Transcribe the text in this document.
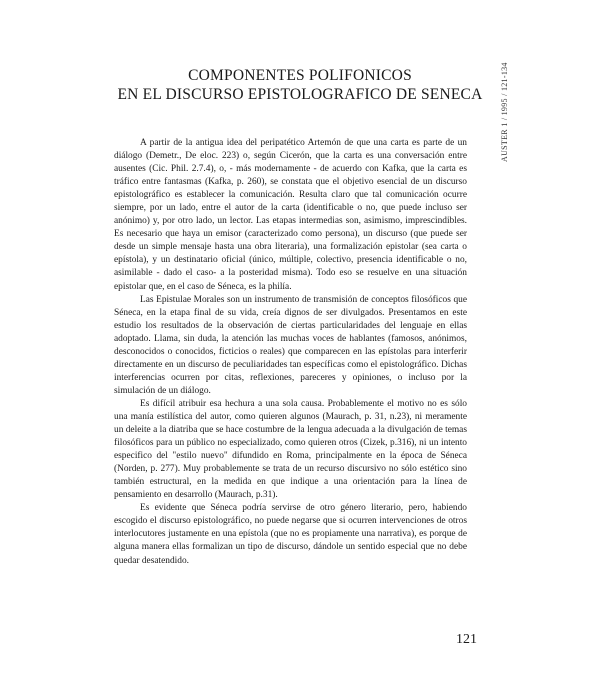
COMPONENTES POLIFONICOS
EN EL DISCURSO EPISTOLOGRAFICO DE SENECA	AUSTER 1 / 1995 / 121-134

A partir de la antigua idea del peripatético Artemón de que una carta es parte de un diálogo (Demetr., De eloc. 223) o, según Cicerón, que la carta es una conversación entre ausentes (Cic. Phil. 2.7.4), o, - más modernamente - de acuerdo con Kafka, que la carta es tráfico entre fantasmas (Kafka, p. 260), se constata que el objetivo esencial de un discurso epistolográfico es establecer la comunicación. Resulta claro que tal comunicación ocurre siempre, por un lado, entre el autor de la carta (identificable o no, que puede incluso ser anónimo) y, por otro lado, un lector. Las etapas intermedias son, asimismo, imprescindibles. Es necesario que haya un emisor (caracterizado como persona), un discurso (que puede ser desde un simple mensaje hasta una obra literaria), una formalización epistolar (sea carta o epístola), y un destinatario oficial (único, múltiple, colectivo, presencia identificable o no, asimilable - dado el caso- a la posteridad misma). Todo eso se resuelve en una situación epistolar que, en el caso de Séneca, es la philía.

Las Epistulae Morales son un instrumento de transmisión de conceptos filosóficos que Séneca, en la etapa final de su vida, creía dignos de ser divulgados. Presentamos en este estudio los resultados de la observación de ciertas particularidades del lenguaje en ellas adoptado. Llama, sin duda, la atención las muchas voces de hablantes (famosos, anónimos, desconocidos o conocidos, ficticios o reales) que comparecen en las epístolas para interferir directamente en un discurso de peculiaridades tan específicas como el epistolográfico. Dichas interferencias ocurren por citas, reflexiones, pareceres y opiniones, o incluso por la simulación de un diálogo.

Es difícil atribuir esa hechura a una sola causa. Probablemente el motivo no es sólo una manía estilística del autor, como quieren algunos (Maurach, p. 31, n.23), ni meramente un deleite a la diatriba que se hace costumbre de la lengua adecuada a la divulgación de temas filosóficos para un público no especializado, como quieren otros (Cizek, p.316), ni un intento especifico del "estilo nuevo" difundido en Roma, principalmente en la época de Séneca (Norden, p. 277). Muy probablemente se trata de un recurso discursivo no sólo estético sino también estructural, en la medida en que indique a una orientación para la línea de pensamiento en desarrollo (Maurach, p.31).

Es evidente que Séneca podría servirse de otro género literario, pero, habiendo escogido el discurso epistolográfico, no puede negarse que si ocurren intervenciones de otros interlocutores justamente en una epístola (que no es propiamente una narrativa), es porque de alguna manera ellas formalizan un tipo de discurso, dándole un sentido especial que no debe quedar desatendido.

121
